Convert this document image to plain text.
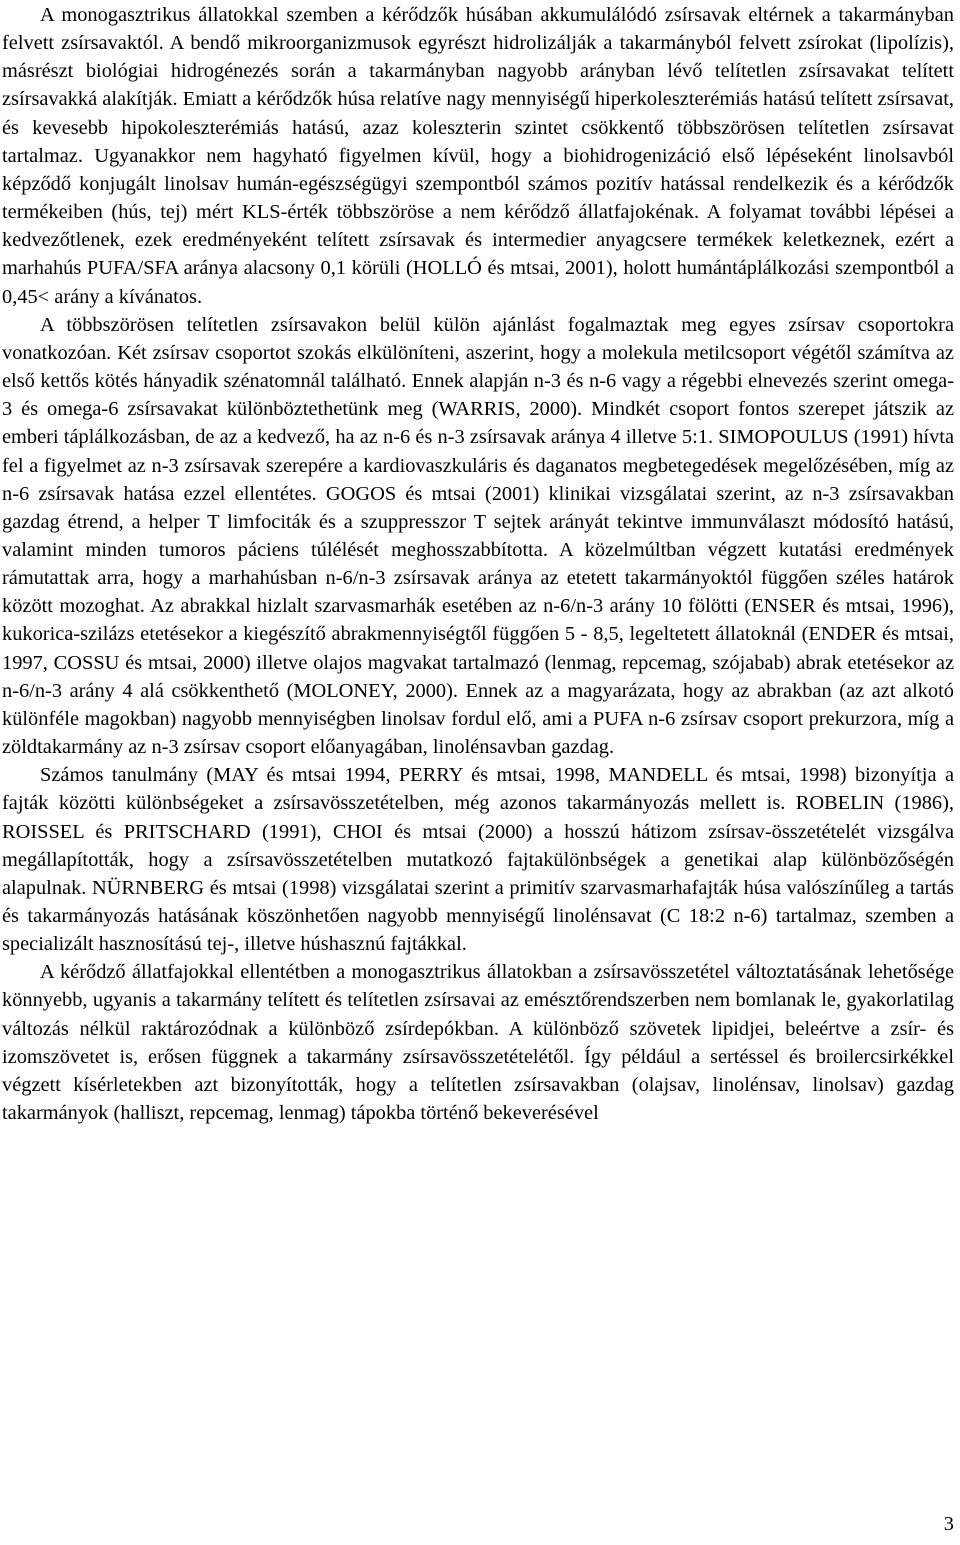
A monogasztrikus állatokkal szemben a kérődzők húsában akkumulálódó zsírsavak eltérnek a takarmányban felvett zsírsavaktól. A bendő mikroorganizmusok egyrészt hidrolizálják a takarmányból felvett zsírokat (lipolízis), másrészt biológiai hidrogénezés során a takarmányban nagyobb arányban lévő telítetlen zsírsavakat telített zsírsavakká alakítják. Emiatt a kérődzők húsa relatíve nagy mennyiségű hiperkoleszterémiás hatású telített zsírsavat, és kevesebb hipokoleszterémiás hatású, azaz koleszterin szintet csökkentő többszörösen telítetlen zsírsavat tartalmaz. Ugyanakkor nem hagyható figyelmen kívül, hogy a biohidrogenizáció első lépéseként linolsavból képződő konjugált linolsav humán-egészségügyi szempontból számos pozitív hatással rendelkezik és a kérődzők termékeiben (hús, tej) mért KLS-érték többszöröse a nem kérődző állatfajokénak. A folyamat további lépései a kedvezőtlenek, ezek eredményeként telített zsírsavak és intermedier anyagcsere termékek keletkeznek, ezért a marhahús PUFA/SFA aránya alacsony 0,1 körüli (HOLLÓ és mtsai, 2001), holott humántáplálkozási szempontból a 0,45< arány a kívánatos.

A többszörösen telítetlen zsírsavakon belül külön ajánlást fogalmaztak meg egyes zsírsav csoportokra vonatkozóan. Két zsírsav csoportot szokás elkülöníteni, aszerint, hogy a molekula metilcsoport végétől számítva az első kettős kötés hányadik szénatomnál található. Ennek alapján n-3 és n-6 vagy a régebbi elnevezés szerint omega-3 és omega-6 zsírsavakat különböztethetünk meg (WARRIS, 2000). Mindkét csoport fontos szerepet játszik az emberi táplálkozásban, de az a kedvező, ha az n-6 és n-3 zsírsavak aránya 4 illetve 5:1. SIMOPOULUS (1991) hívta fel a figyelmet az n-3 zsírsavak szerepére a kardiovaszkuláris és daganatos megbetegedések megelőzésében, míg az n-6 zsírsavak hatása ezzel ellentétes. GOGOS és mtsai (2001) klinikai vizsgálatai szerint, az n-3 zsírsavakban gazdag étrend, a helper T limfociták és a szuppresszor T sejtek arányát tekintve immunválaszt módosító hatású, valamint minden tumoros páciens túlélését meghosszabbította. A közelmúltban végzett kutatási eredmények rámutattak arra, hogy a marhahúsban n-6/n-3 zsírsavak aránya az etetett takarmányoktól függően széles határok között mozoghat. Az abrakkal hizlalt szarvasmarhák esetében az n-6/n-3 arány 10 fölötti (ENSER és mtsai, 1996), kukorica-szilázs etetésekor a kiegészítő abrakmennyiségtől függően 5 - 8,5, legeltetett állatoknál (ENDER és mtsai, 1997, COSSU és mtsai, 2000) illetve olajos magvakat tartalmazó (lenmag, repcemag, szójabab) abrak etetésekor az n-6/n-3 arány 4 alá csökkenthető (MOLONEY, 2000). Ennek az a magyarázata, hogy az abrakban (az azt alkotó különféle magokban) nagyobb mennyiségben linolsav fordul elő, ami a PUFA n-6 zsírsav csoport prekurzora, míg a zöldtakarmány az n-3 zsírsav csoport előanyagában, linolénsavban gazdag.

Számos tanulmány (MAY és mtsai 1994, PERRY és mtsai, 1998, MANDELL és mtsai, 1998) bizonyítja a fajták közötti különbségeket a zsírsavösszetételben, még azonos takarmányozás mellett is. ROBELIN (1986), ROISSEL és PRITSCHARD (1991), CHOI és mtsai (2000) a hosszú hátizom zsírsav-összetételét vizsgálva megállapították, hogy a zsírsavösszetételben mutatkozó fajtakülönbségek a genetikai alap különbözőségén alapulnak. NÜRNBERG és mtsai (1998) vizsgálatai szerint a primitív szarvasmarhafajták húsa valószínűleg a tartás és takarmányozás hatásának köszönhetően nagyobb mennyiségű linolénsavat (C 18:2 n-6) tartalmaz, szemben a specializált hasznosítású tej-, illetve húshasznú fajtákkal.

A kérődző állatfajokkal ellentétben a monogasztrikus állatokban a zsírsavösszetétel változtatásának lehetősége könnyebb, ugyanis a takarmány telített és telítetlen zsírsavai az emésztőrendszerben nem bomlanak le, gyakorlatilag változás nélkül raktározódnak a különböző zsírdepókban. A különböző szövetek lipidjei, beleértve a zsír- és izomszövetet is, erősen függnek a takarmány zsírsavösszetételétől. Így például a sertéssel és broilercsirkékkel végzett kísérletekben azt bizonyították, hogy a telítetlen zsírsavakban (olajsav, linolénsav, linolsav) gazdag takarmányok (halliszt, repcemag, lenmag) tápokba történő bekeverésével

3
